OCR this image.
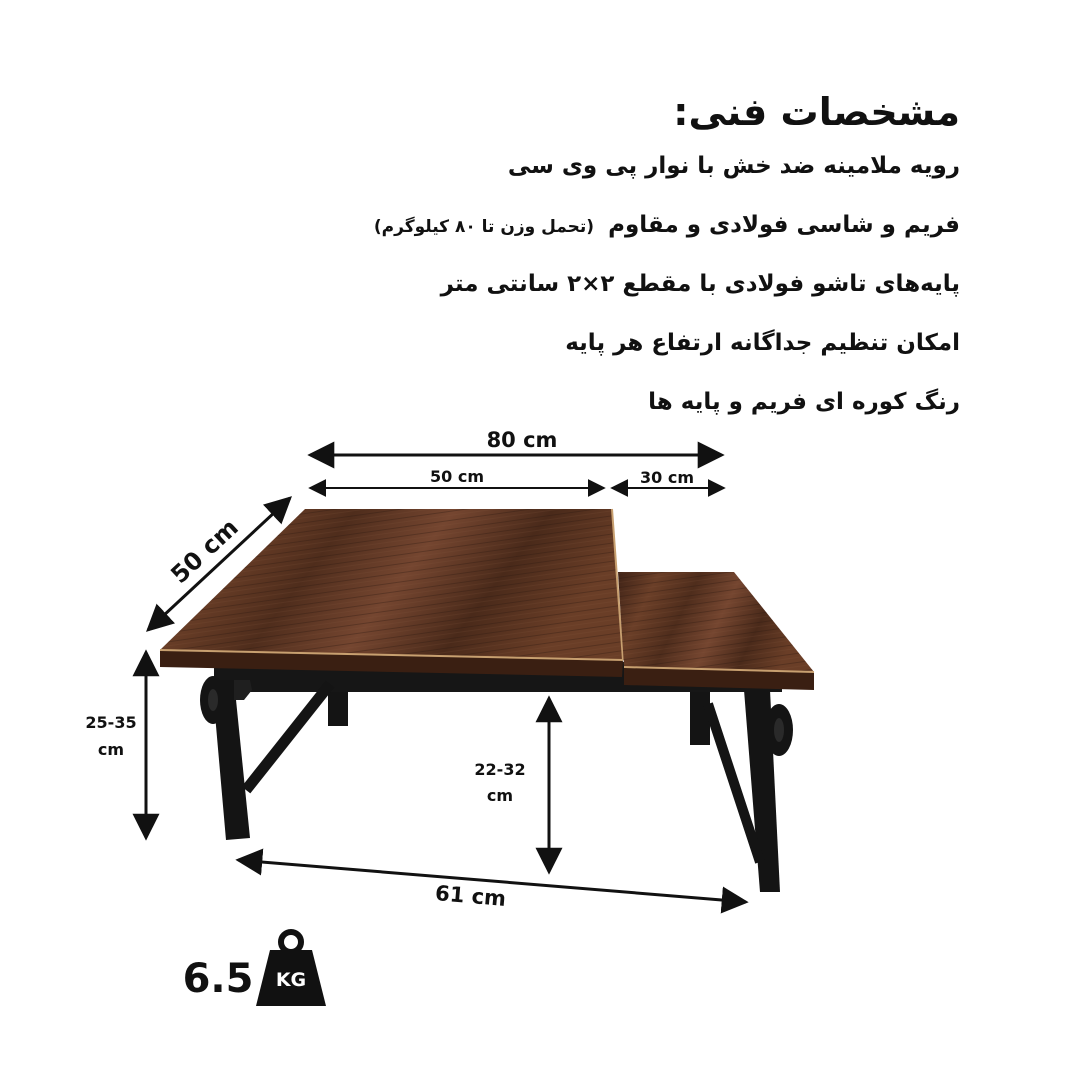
مشخصات فنی:
رویه ملامینه ضد خش با نوار پی وی سی
فریم و شاسی فولادی و مقاوم (تحمل وزن تا ۸۰ کیلوگرم)
پایه‌های تاشو فولادی با مقطع ۲×۲ سانتی متر
امکان تنظیم جداگانه ارتفاع هر پایه
رنگ کوره ای فریم و پایه ها
80 cm
50 cm	30 cm
50 cm
25-35
cm
22-32
cm
61 cm
6.5 KG
